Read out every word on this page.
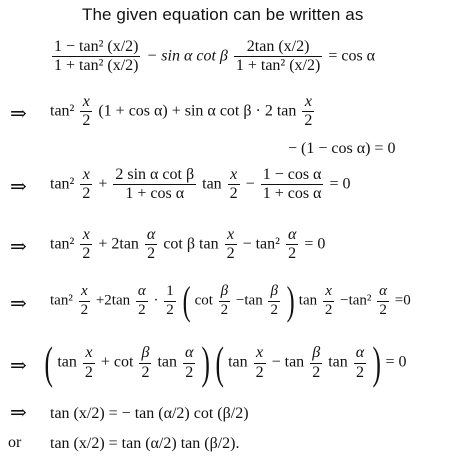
The given equation can be written as
$\frac{\text{1 − tan² (x/2)}}{\text{1 + tan² (x/2)}} - \sin \alpha$ cot β $\frac{2\tan (x/2)}{\text{1 + tan² (x/2)}} = \cos \alpha$
⇒ $\tan^2 \frac{x}{2} (1 + \cos \alpha) + \sin \alpha$ cot β · 2 $\tan \frac{x}{2}$
− (1 − cos α) = 0
⇒ $\tan^2 \frac{x}{2} + \frac{\text{2 sin α cot β}}{\text{1 + cos α}}$ $\tan \frac{x}{2} - \frac{\text{1 − cos α}}{\text{1 + cos α}} = 0$
⇒ $\tan^2 \frac{x}{2} + 2\tan \frac{\alpha}{2}$ cot β $\tan \frac{x}{2} - \tan^2 \frac{\alpha}{2} = 0$
⇒ $\tan^2 \frac{x}{2} +2\tan \frac{\alpha}{2} \cdot \frac{1}{2}$ ( $\cot \frac{\beta}{2} -\tan \frac{\beta}{2}$ ) $\tan \frac{x}{2} -\tan^2 \frac{\alpha}{2} =0$
⇒ ( $\tan \frac{x}{2} + \cot \frac{\beta}{2}$ $\tan \frac{\alpha}{2}$ ) ( $\tan \frac{x}{2} - \tan \frac{\beta}{2}$ $\tan \frac{\alpha}{2}$ ) = 0
⇒ tan (x/2) = − tan (α/2) cot (β/2)
or tan (x/2) = tan (α/2) tan (β/2).
